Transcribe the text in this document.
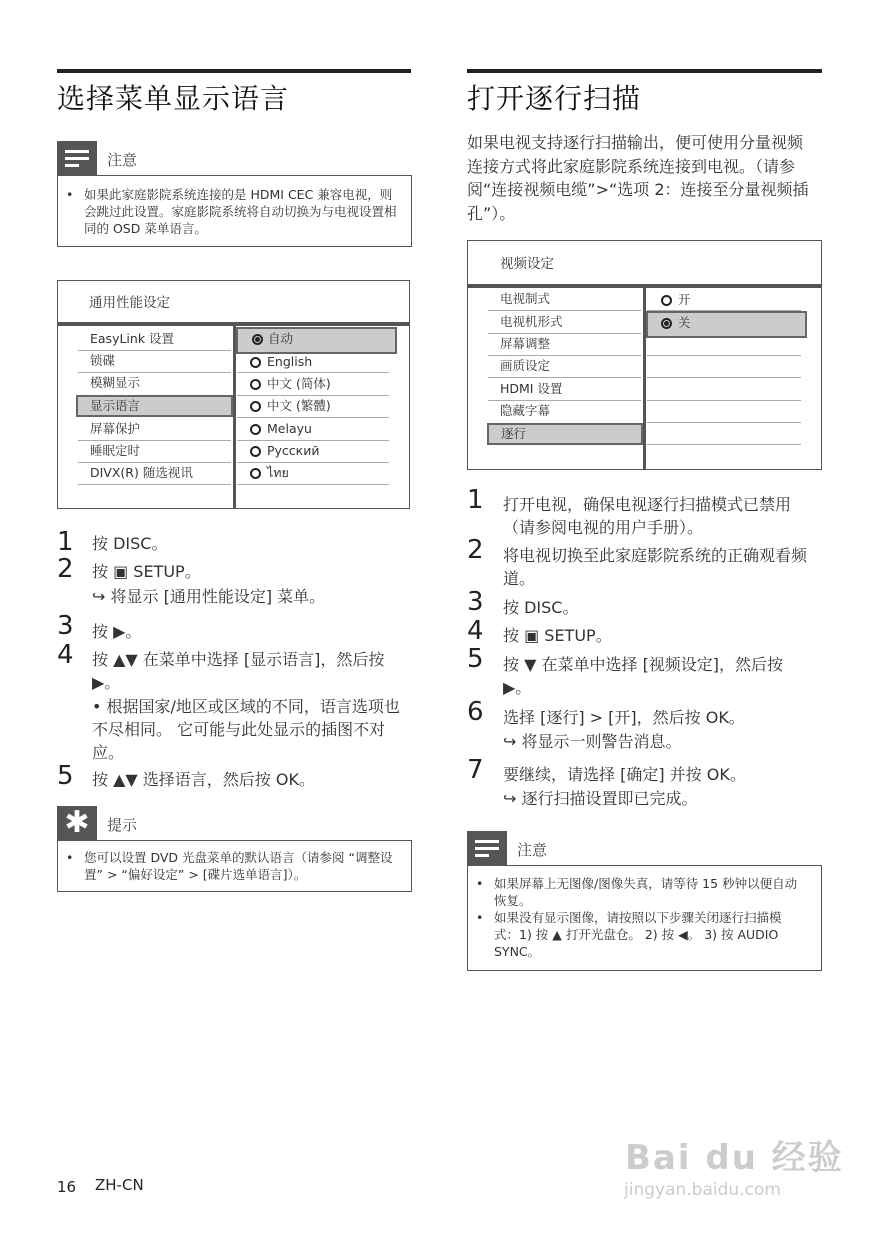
选择菜单显示语言
注意
• 如果此家庭影院系统连接的是 HDMI CEC 兼容电视，则会跳过此设置。家庭影院系统将自动切换为与电视设置相同的 OSD 菜单语言。
通用性能设定
EasyLink 设置
锁碟
模糊显示
显示语言
屏幕保护
睡眠定时
DIVX(R) 随选视讯
自动
English
中文 (简体)
中文 (繁體)
Melayu
Русский
ไทย
1 按 DISC。
2 按 ▣ SETUP。
↪ 将显示 [通用性能设定] 菜单。
3 按 ▶。
4 按 ▲▼ 在菜单中选择 [显示语言]，然后按 ▶。
• 根据国家/地区或区域的不同，语言选项也不尽相同。 它可能与此处显示的插图不对应。
5 按 ▲▼ 选择语言，然后按 OK。
✱	提示
• 您可以设置 DVD 光盘菜单的默认语言（请参阅 “调整设置” > “偏好设定” > [碟片选单语言]）。
打开逐行扫描
如果电视支持逐行扫描输出，便可使用分量视频连接方式将此家庭影院系统连接到电视。（请参阅“连接视频电缆”>“选项 2：连接至分量视频插孔”）。
视频设定
电视制式
电视机形式
屏幕调整
画质设定
HDMI 设置
隐藏字幕
逐行
开
关
1 打开电视，确保电视逐行扫描模式已禁用（请参阅电视的用户手册）。
2 将电视切换至此家庭影院系统的正确观看频道。
3 按 DISC。
4 按 ▣ SETUP。
5 按 ▼ 在菜单中选择 [视频设定]，然后按 ▶。
6 选择 [逐行] > [开]，然后按 OK。
↪ 将显示一则警告消息。
7 要继续，请选择 [确定] 并按 OK。
↪ 逐行扫描设置即已完成。
注意
• 如果屏幕上无图像/图像失真，请等待 15 秒钟以便自动恢复。
• 如果没有显示图像，请按照以下步骤关闭逐行扫描模式：1) 按 ▲ 打开光盘仓。 2) 按 ◀。 3) 按 AUDIO SYNC。
16 ZH-CN
Bai du 经验
jingyan.baidu.com
